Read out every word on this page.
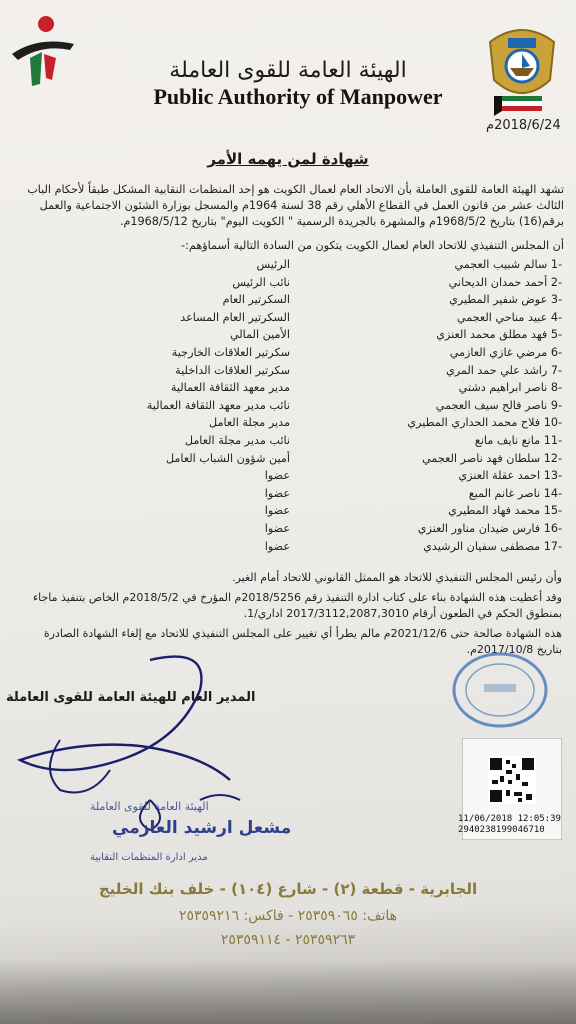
الهيئة العامة للقوى العاملة
Public Authority of Manpower
2018/6/24م
شهادة لمن يهمه الأمر
تشهد الهيئة العامة للقوى العاملة بأن الاتحاد العام لعمال الكويت هو إحد المنظمات النقابية المشكل طبقاً لأحكام الباب الثالث عشر من قانون العمل في القطاع الأهلي رقم 38 لسنة 1964م والمسجل بوزارة الشئون الاجتماعية والعمل برقم(16) بتاريخ 1968/5/2م والمشهرة بالجريدة الرسمية " الكويت اليوم" بتاريخ 1968/5/12م.
أن المجلس التنفيذي للاتحاد العام لعمال الكويت يتكون من السادة التالية أسماؤهم:-
-1 سالم شبيب العجمي
الرئيس
-2 أحمد حمدان الديحاني
نائب الرئيس
-3 عوض شفير المطيري
السكرتير العام
-4 عبيد مناحي العجمي
السكرتير العام المساعد
-5 فهد مطلق محمد العنزي
الأمين المالي
-6 مرضي غازي العازمي
سكرتير العلاقات الخارجية
-7 راشد علي حمد المري
سكرتير العلاقات الداخلية
-8 ناصر ابراهيم دشتي
مدير معهد الثقافة العمالية
-9 ناصر فالح سيف العجمي
نائب مدير معهد الثقافة العمالية
-10 فلاح محمد الحداري المطيري
مدير مجلة العامل
-11 مانع نايف مانع
نائب مدير مجلة العامل
-12 سلطان فهد ناصر العجمي
أمين شؤون الشباب العامل
-13 احمد عقلة العنزي
عضوا
-14 ناصر غانم المبع
عضوا
-15 محمد فهاد المطيري
عضوا
-16 فارس ضيدان مناور العنزي
عضوا
-17 مصطفى سفيان الرشيدي
عضوا
وأن رئيس المجلس التنفيذي للاتحاد هو الممثل القانوني للاتحاد أمام الغير.
وقد أعطيت هذه الشهادة بناء على كتاب ادارة التنفيذ رقم 2018/5256م المؤرخ في 2018/5/2م الخاص بتنفيذ ماجاء بمنطوق الحكم في الطعون أرقام 2017/3112,2087,3010 اداري/1.
هذه الشهادة صالحة حتى 2021/12/6م مالم يطرأ أي تغيير على المجلس التنفيذي للاتحاد مع إلغاء الشهادة الصادرة بتاريخ 2017/10/8م.
المدير العام للهيئة العامة للقوى العاملة
الهيئة العامة للقوى العاملة
مشعل ارشيد العازمي
مدير ادارة المنظمات النقابية
11/06/2018 12:05:39
2940238199046710
الجابرية - قطعة (٢) - شارع (١٠٤) - خلف بنك الخليج
هاتف: ٢٥٣٥٩٠٦٥ - فاكس: ٢٥٣٥٩٢١٦
٢٥٣٥٩٢٦٣ - ٢٥٣٥٩١١٤
